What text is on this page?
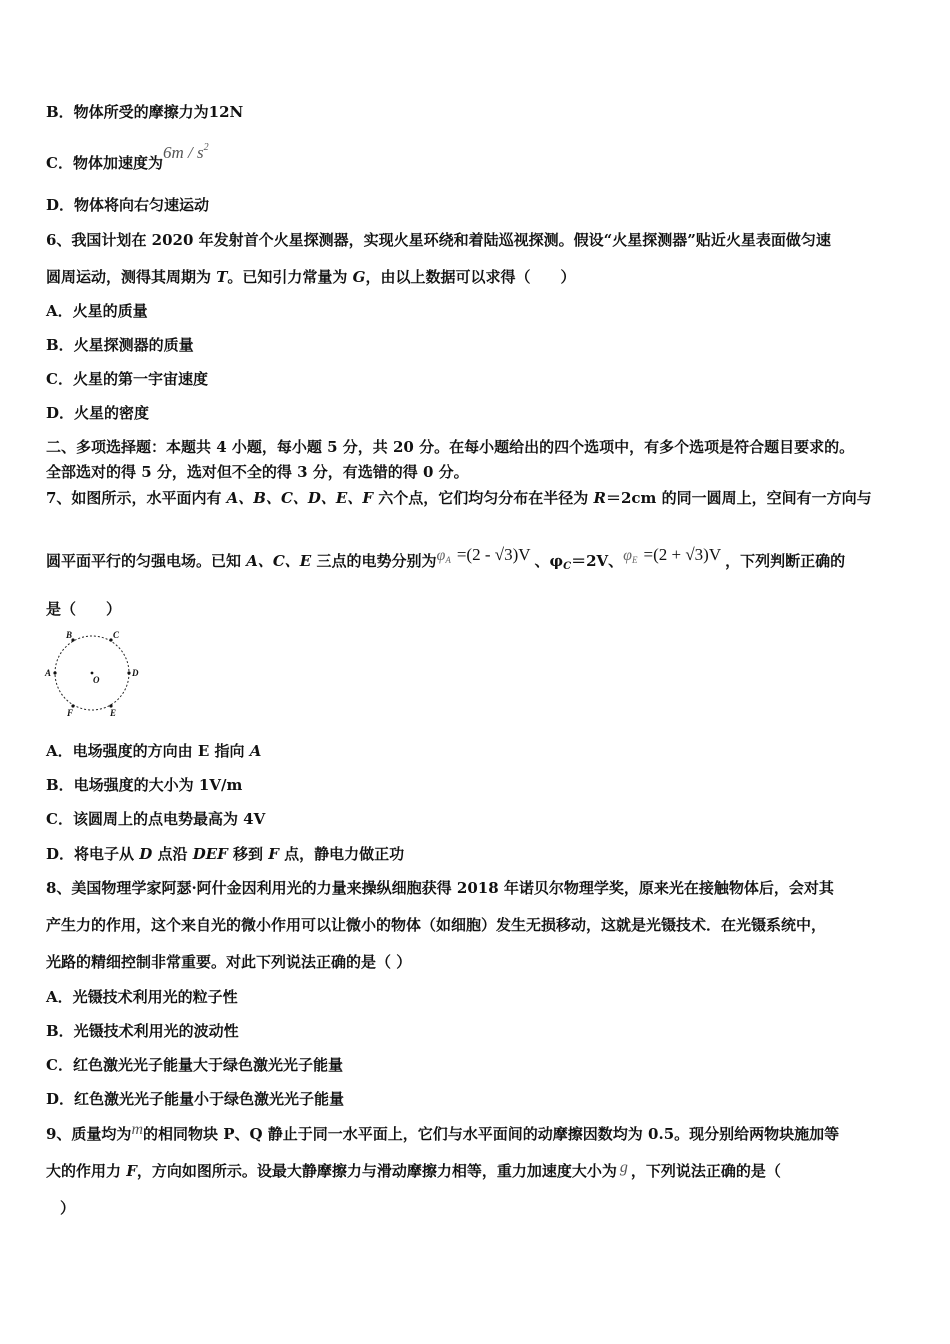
B．物体所受的摩擦力为12N
C．物体加速度为$6m / s^2$
D．物体将向右匀速运动
6、我国计划在 2020 年发射首个火星探测器，实现火星环绕和着陆巡视探测。假设“火星探测器”贴近火星表面做匀速
圆周运动，测得其周期为 T。已知引力常量为 G，由以上数据可以求得（　　）
A．火星的质量
B．火星探测器的质量
C．火星的第一宇宙速度
D．火星的密度
二、多项选择题：本题共 4 小题，每小题 5 分，共 20 分。在每小题给出的四个选项中，有多个选项是符合题目要求的。
全部选对的得 5 分，选对但不全的得 3 分，有选错的得 0 分。
7、如图所示，水平面内有 A、B、C、D、E、F 六个点，它们均匀分布在半径为 R＝2cm 的同一圆周上，空间有一方向与
圆平面平行的匀强电场。已知 A、C、E 三点的电势分别为$\varphi_A =(2 - √3)V$ 、$\varphi_C=2V$、$\varphi_E =(2 + √3)V$ ，下列判断正确的
是（　　）
B	C
A
O
D
F	E
A．电场强度的方向由 E 指向 A
B．电场强度的大小为 1V/m
C．该圆周上的点电势最高为 4V
D．将电子从 D 点沿 DEF 移到 F 点，静电力做正功
8、美国物理学家阿瑟·阿什金因利用光的力量来操纵细胞获得 2018 年诺贝尔物理学奖，原来光在接触物体后，会对其
产生力的作用，这个来自光的微小作用可以让微小的物体（如细胞）发生无损移动，这就是光镊技术．在光镊系统中，
光路的精细控制非常重要。对此下列说法正确的是（ ）
A．光镊技术利用光的粒子性
B．光镊技术利用光的波动性
C．红色激光光子能量大于绿色激光光子能量
D．红色激光光子能量小于绿色激光光子能量
9、质量均为m的相同物块 P、Q 静止于同一水平面上，它们与水平面间的动摩擦因数均为 0.5。现分别给两物块施加等
大的作用力 F，方向如图所示。设最大静摩擦力与滑动摩擦力相等，重力加速度大小为 g ，下列说法正确的是（
）
